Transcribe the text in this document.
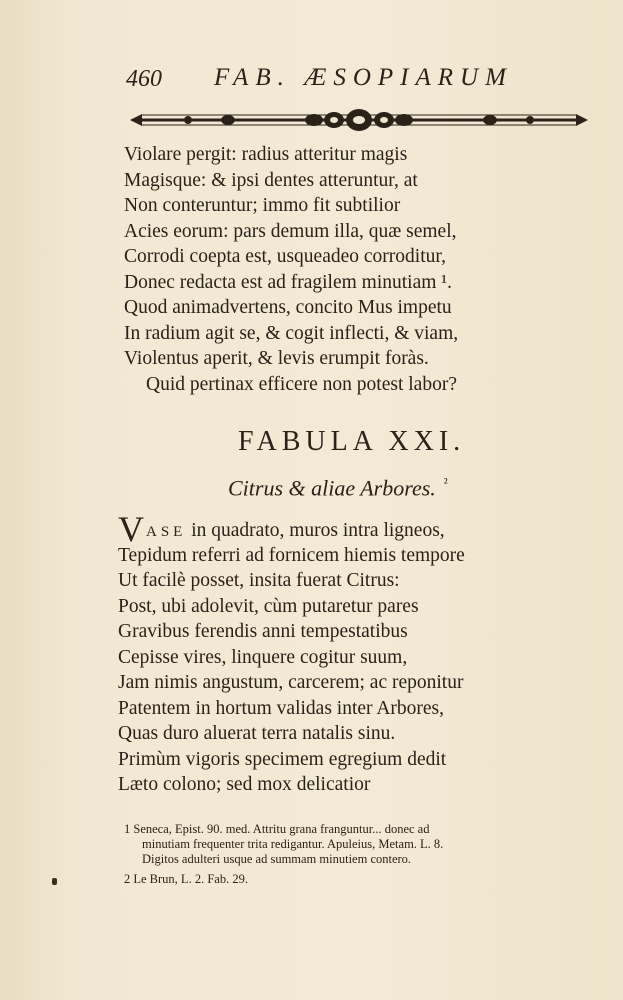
460 FAB. ÆSOPIARUM
Violare pergit: radius atteritur magis
Magisque: & ipsi dentes atteruntur, at
Non conteruntur; immo fit subtilior
Acies eorum: pars demum illa, quæ semel,
Corrodi coepta est, usqueadeo corroditur,
Donec redacta est ad fragilem minutiam ¹.
Quod animadvertens, concito Mus impetu
In radium agit se, & cogit inflecti, & viam,
Violentus aperit, & levis erumpit foràs.
Quid pertinax efficere non potest labor?
FABULA XXI.
Citrus & aliae Arbores. $^{^2}$
VASE in quadrato, muros intra ligneos,
Tepidum referri ad fornicem hiemis tempore
Ut facilè posset, insita fuerat Citrus:
Post, ubi adolevit, cùm putaretur pares
Gravibus ferendis anni tempestatibus
Cepisse vires, linquere cogitur suum,
Jam nimis angustum, carcerem; ac reponitur
Patentem in hortum validas inter Arbores,
Quas duro aluerat terra natalis sinu.
Primùm vigoris specimem egregium dedit
Læto colono; sed mox delicatior

1 Seneca, Epist. 90. med. Attritu grana franguntur... donec ad

minutiam frequenter trita redigantur. Apuleius, Metam. L. 8.

Digitos adulteri usque ad summam minutiem contero.

2 Le Brun, L. 2. Fab. 29.
